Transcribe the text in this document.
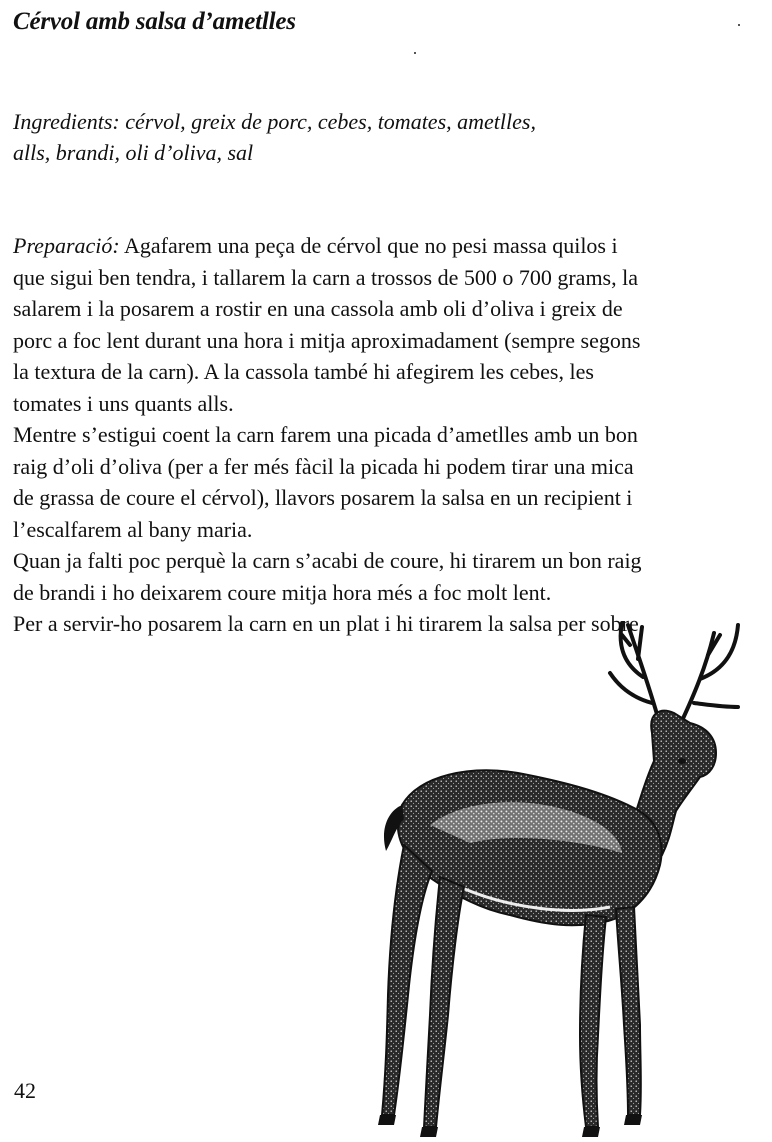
Cérvol amb salsa d’ametlles
Ingredients: cérvol, greix de porc, cebes, tomates, ametlles,
alls, brandi, oli d’oliva, sal

Preparació: Agafarem una peça de cérvol que no pesi massa quilos i que sigui ben tendra, i tallarem la carn a trossos de 500 o 700 grams, la salarem i la posarem a rostir en una cassola amb oli d’oliva i greix de porc a foc lent durant una hora i mitja aproximadament (sempre segons la textura de la carn). A la cassola també hi afegirem les cebes, les tomates i uns quants alls.

Mentre s’estigui coent la carn farem una picada d’ametlles amb un bon raig d’oli d’oliva (per a fer més fàcil la picada hi podem tirar una mica de grassa de coure el cérvol), llavors posarem la salsa en un recipient i l’escalfarem al bany maria.

Quan ja falti poc perquè la carn s’acabi de coure, hi tirarem un bon raig de brandi i ho deixarem coure mitja hora més a foc molt lent.

Per a servir-ho posarem la carn en un plat i hi tirarem la salsa per sobre.

42
